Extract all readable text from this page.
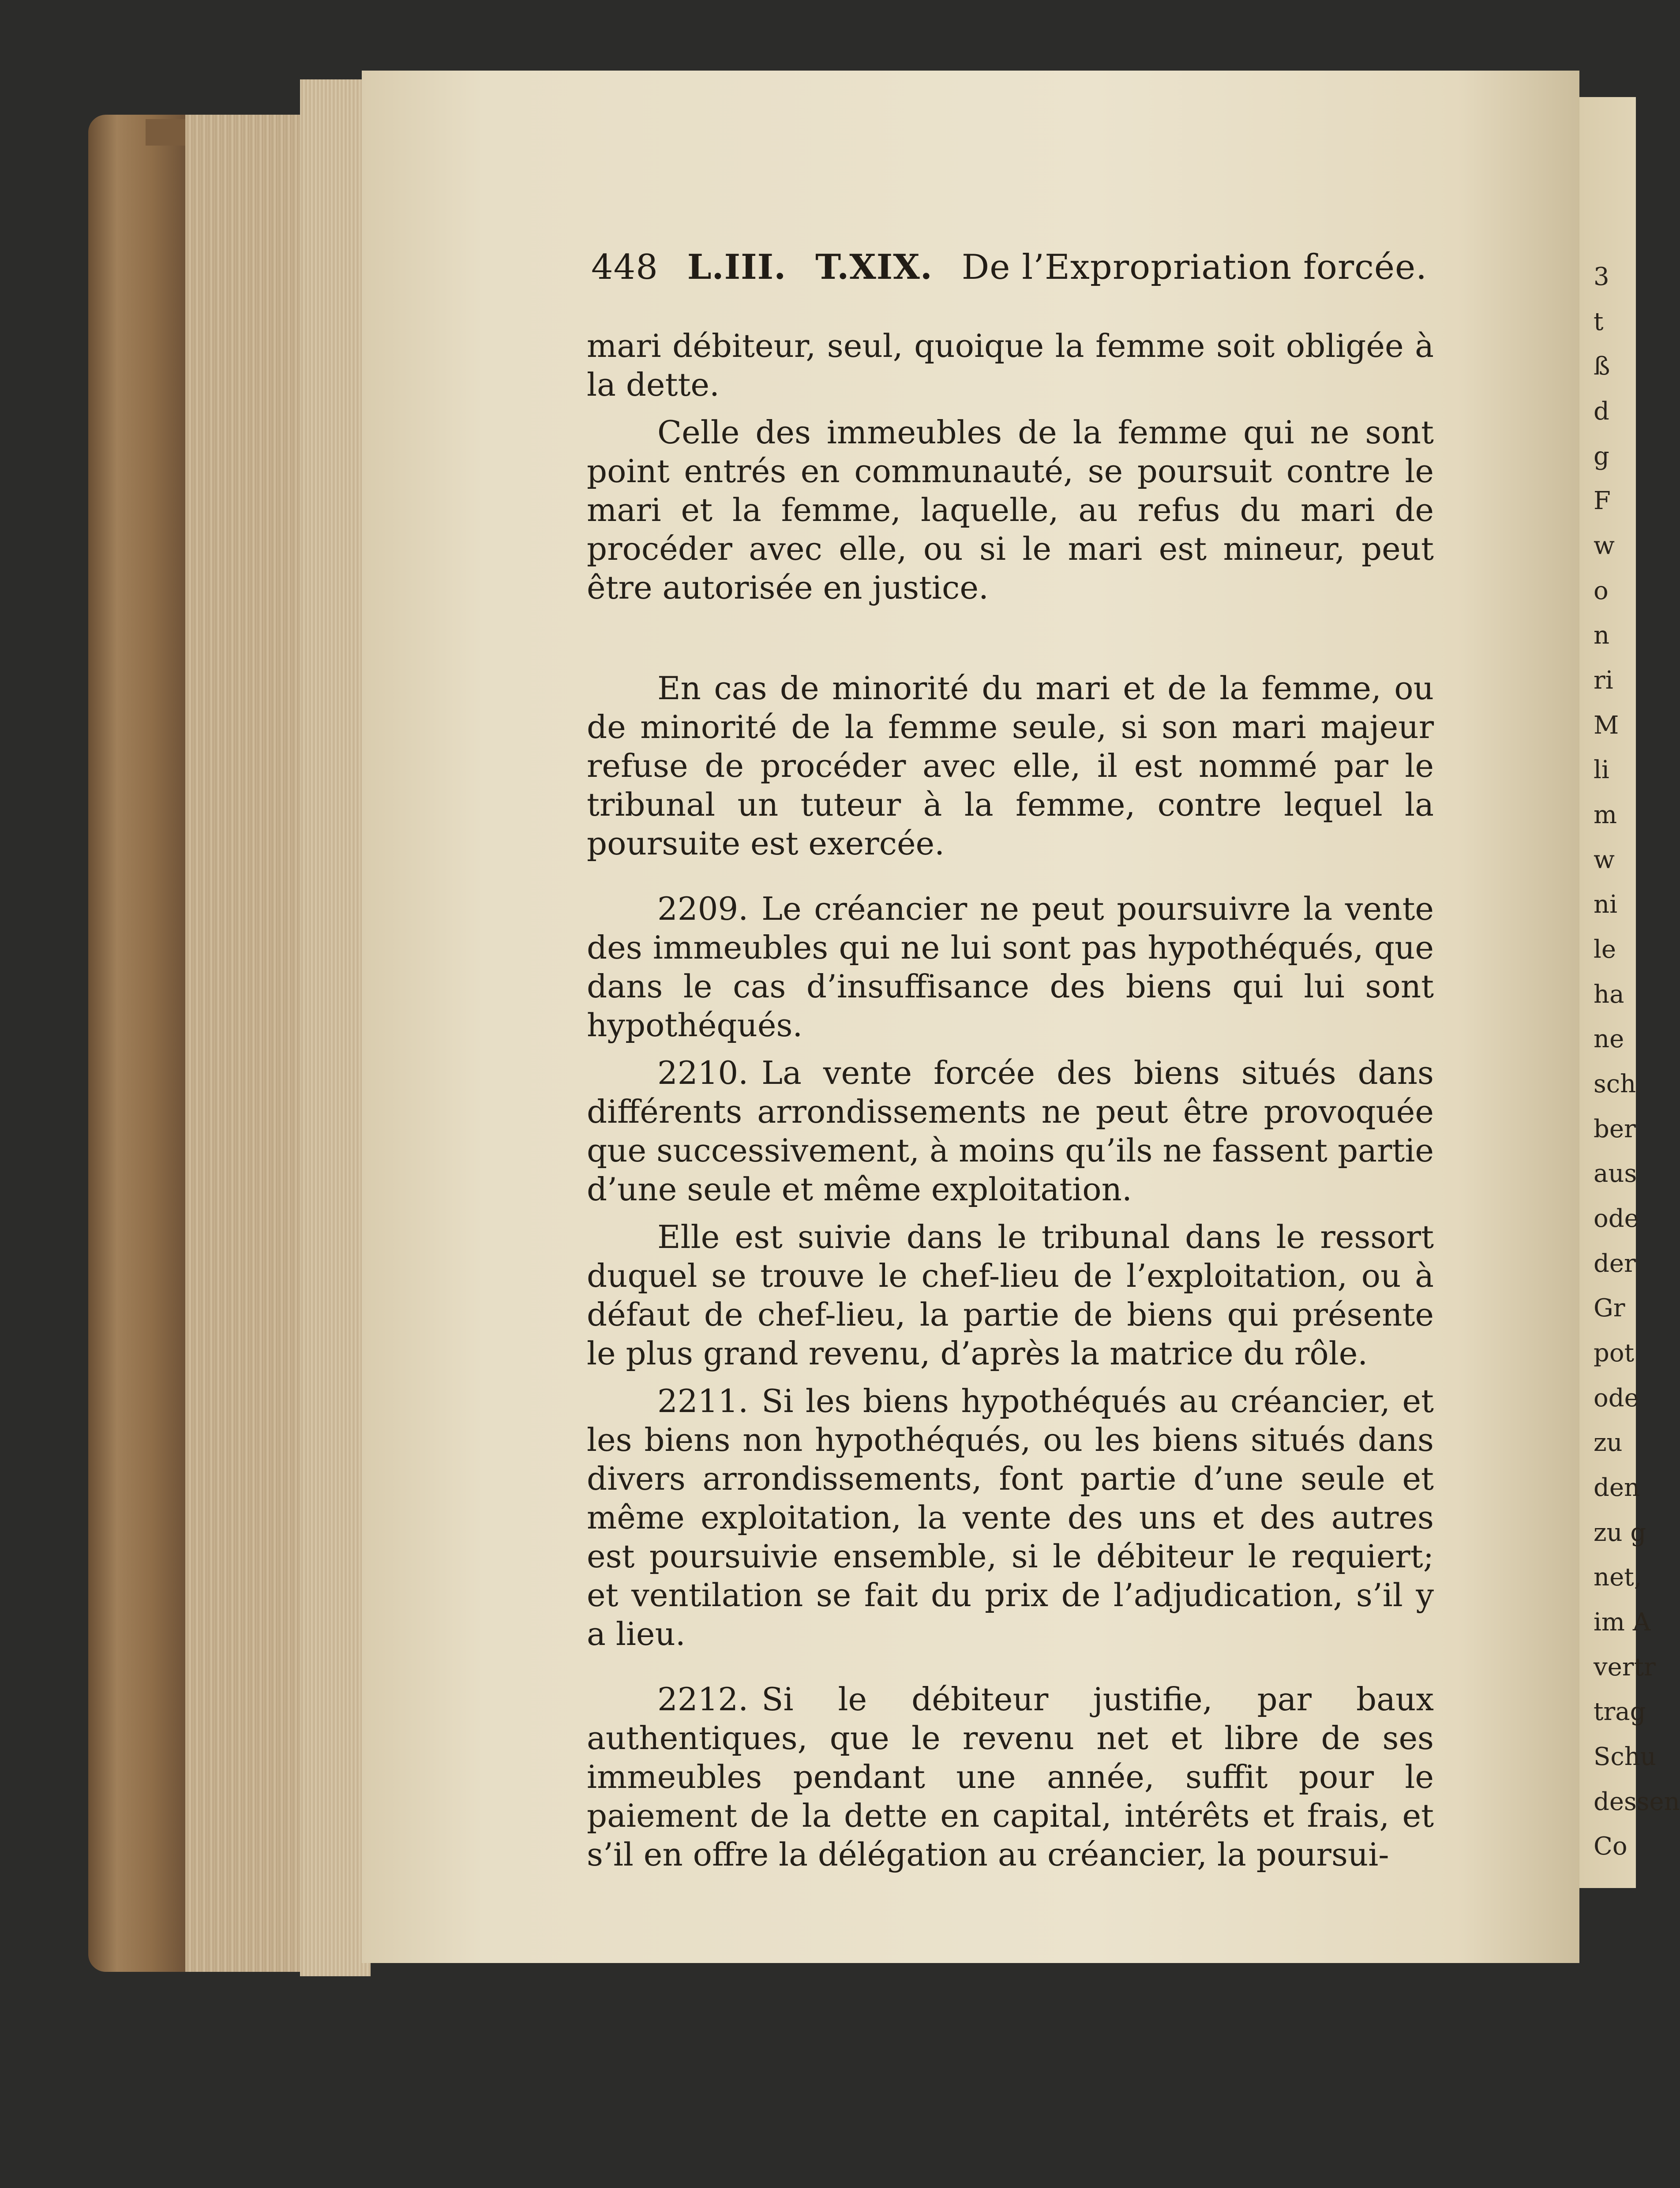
448 L.III. T.XIX. De l’Expropriation forcée.

mari débiteur, seul, quoique la femme soit obligée à la dette.

Celle des immeubles de la femme qui ne sont point entrés en communauté, se poursuit contre le mari et la femme, laquelle, au refus du mari de procéder avec elle, ou si le mari est mineur, peut être autorisée en justice.

En cas de minorité du mari et de la femme, ou de minorité de la femme seule, si son mari majeur refuse de procéder avec elle, il est nommé par le tribunal un tuteur à la femme, contre lequel la poursuite est exercée.

2209. Le créancier ne peut poursuivre la vente des immeubles qui ne lui sont pas hypothéqués, que dans le cas d’insuffisance des biens qui lui sont hypothéqués.

2210. La vente forcée des biens situés dans différents arrondissements ne peut être provoquée que successivement, à moins qu’ils ne fassent partie d’une seule et même exploitation.

Elle est suivie dans le tribunal dans le ressort duquel se trouve le chef-lieu de l’exploitation, ou à défaut de chef-lieu, la partie de biens qui présente le plus grand revenu, d’après la matrice du rôle.

2211. Si les biens hypothéqués au créancier, et les biens non hypothéqués, ou les biens situés dans divers arrondissements, font partie d’une seule et même exploitation, la vente des uns et des autres est poursuivie ensemble, si le débiteur le requiert; et ventilation se fait du prix de l’adjudication, s’il y a lieu.

2212. Si le débiteur justifie, par baux authentiques, que le revenu net et libre de ses immeubles pendant une année, suffit pour le paiement de la dette en capital, intérêts et frais, et s’il en offre la délégation au créancier, la poursui-

3
t
ß
d
g
F
w
o
n
ri
M
li
m
w
ni
le
ha
ne
sch
ber
aus
ode
der
Gr
pot
ode
zu
den
zu g
net,
im A
vertr
trag
Schu
dessen
Co
